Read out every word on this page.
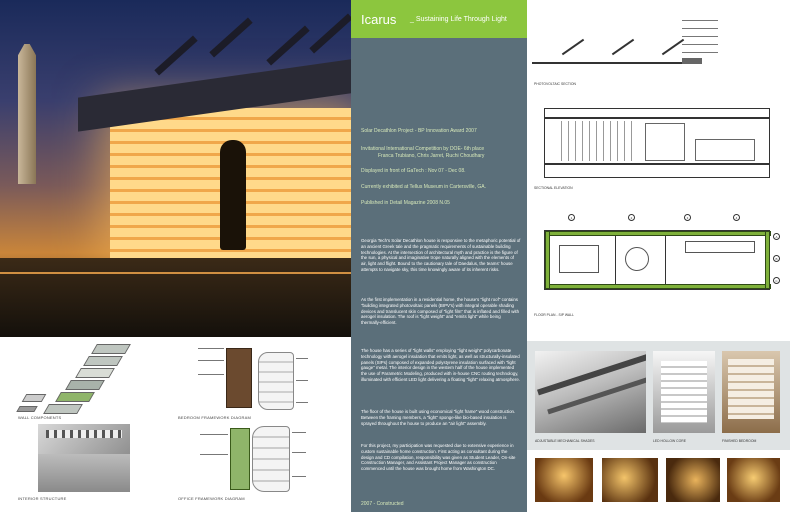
WALL COMPONENTS	BEDROOM FRAMEWORK DIAGRAM
INTERIOR STRUCTURE	OFFICE FRAMEWORK DIAGRAM
Icarus _ Sustaining Life Through Light
Solar Decathlon Project - BP Innovation Award 2007
Invitational International Competition by DOE- 6th place
Franca Trubiano, Chris Jarret, Ruchi Choudhary
Displayed in front of GaTech : Nov 07 - Dec 08.
Currently exhibited at Tellus Museum in Cartersville, GA.
Published in Detail Magazine 2008 N.05
Georgia Tech's Solar Decathlon house is responsive to the metaphoric potential of an ancient Greek tale and the pragmatic requirements of sustainable building technologies. At the intersection of architectural myth and practice is the figure of the sun, a physical and imaginative trope naturally aligned with the elements of air, light and flight. Bound to the cautionary tale of Daedalus, the teams' house attempts to navigate sky, this time knowingly aware of its inherent risks.
As the first implementation in a residential home, the house's "light roof" contains "building integrated photovoltaic panels (BIPV's) with integral operable shading devices and translucent skin composed of "light film" that is inflated and filled with aerogel insulation. The roof is "light weight" and "emits light" while being thermally-efficient.
The house has a series of "light walls" employing "light weight" polycarbonate technology with aerogel insulation that emits light, as well as structurally-insulated panels (SIPs) composed of expanded polystyrene insulation surfaced with "light gauge" metal. The interior design in the western half of the house implemented the use of Parametric Modeling, produced with in-house CNC routing technology, illuminated with efficient LED light delivering a floating "light" relaxing atmosphere.
The floor of the house is built using economical "light frame" wood construction. Between the framing members, a "light" sponge-like bio-based insulation is sprayed throughout the house to produce an "air light" assembly.
For this project, my participation was requested due to extensive experience in custom sustainable home construction. First acting as consultant during the design and CD compilation, responsibility was given as Student Leader, On-site Construction Manager, and Assistant Project Manager as construction commenced until the house was brought home from Washington DC.
2007 - Constructed
PHOTOVOLTAIC SECTION
SECTIONAL ELEVATION
1	2	3	4
A
B
C
FLOOR PLAN - SIP WALL
ADJUSTABLE MECHANICAL SHADES	LED HOLLOW CORE	FINISHED BEDROOM
